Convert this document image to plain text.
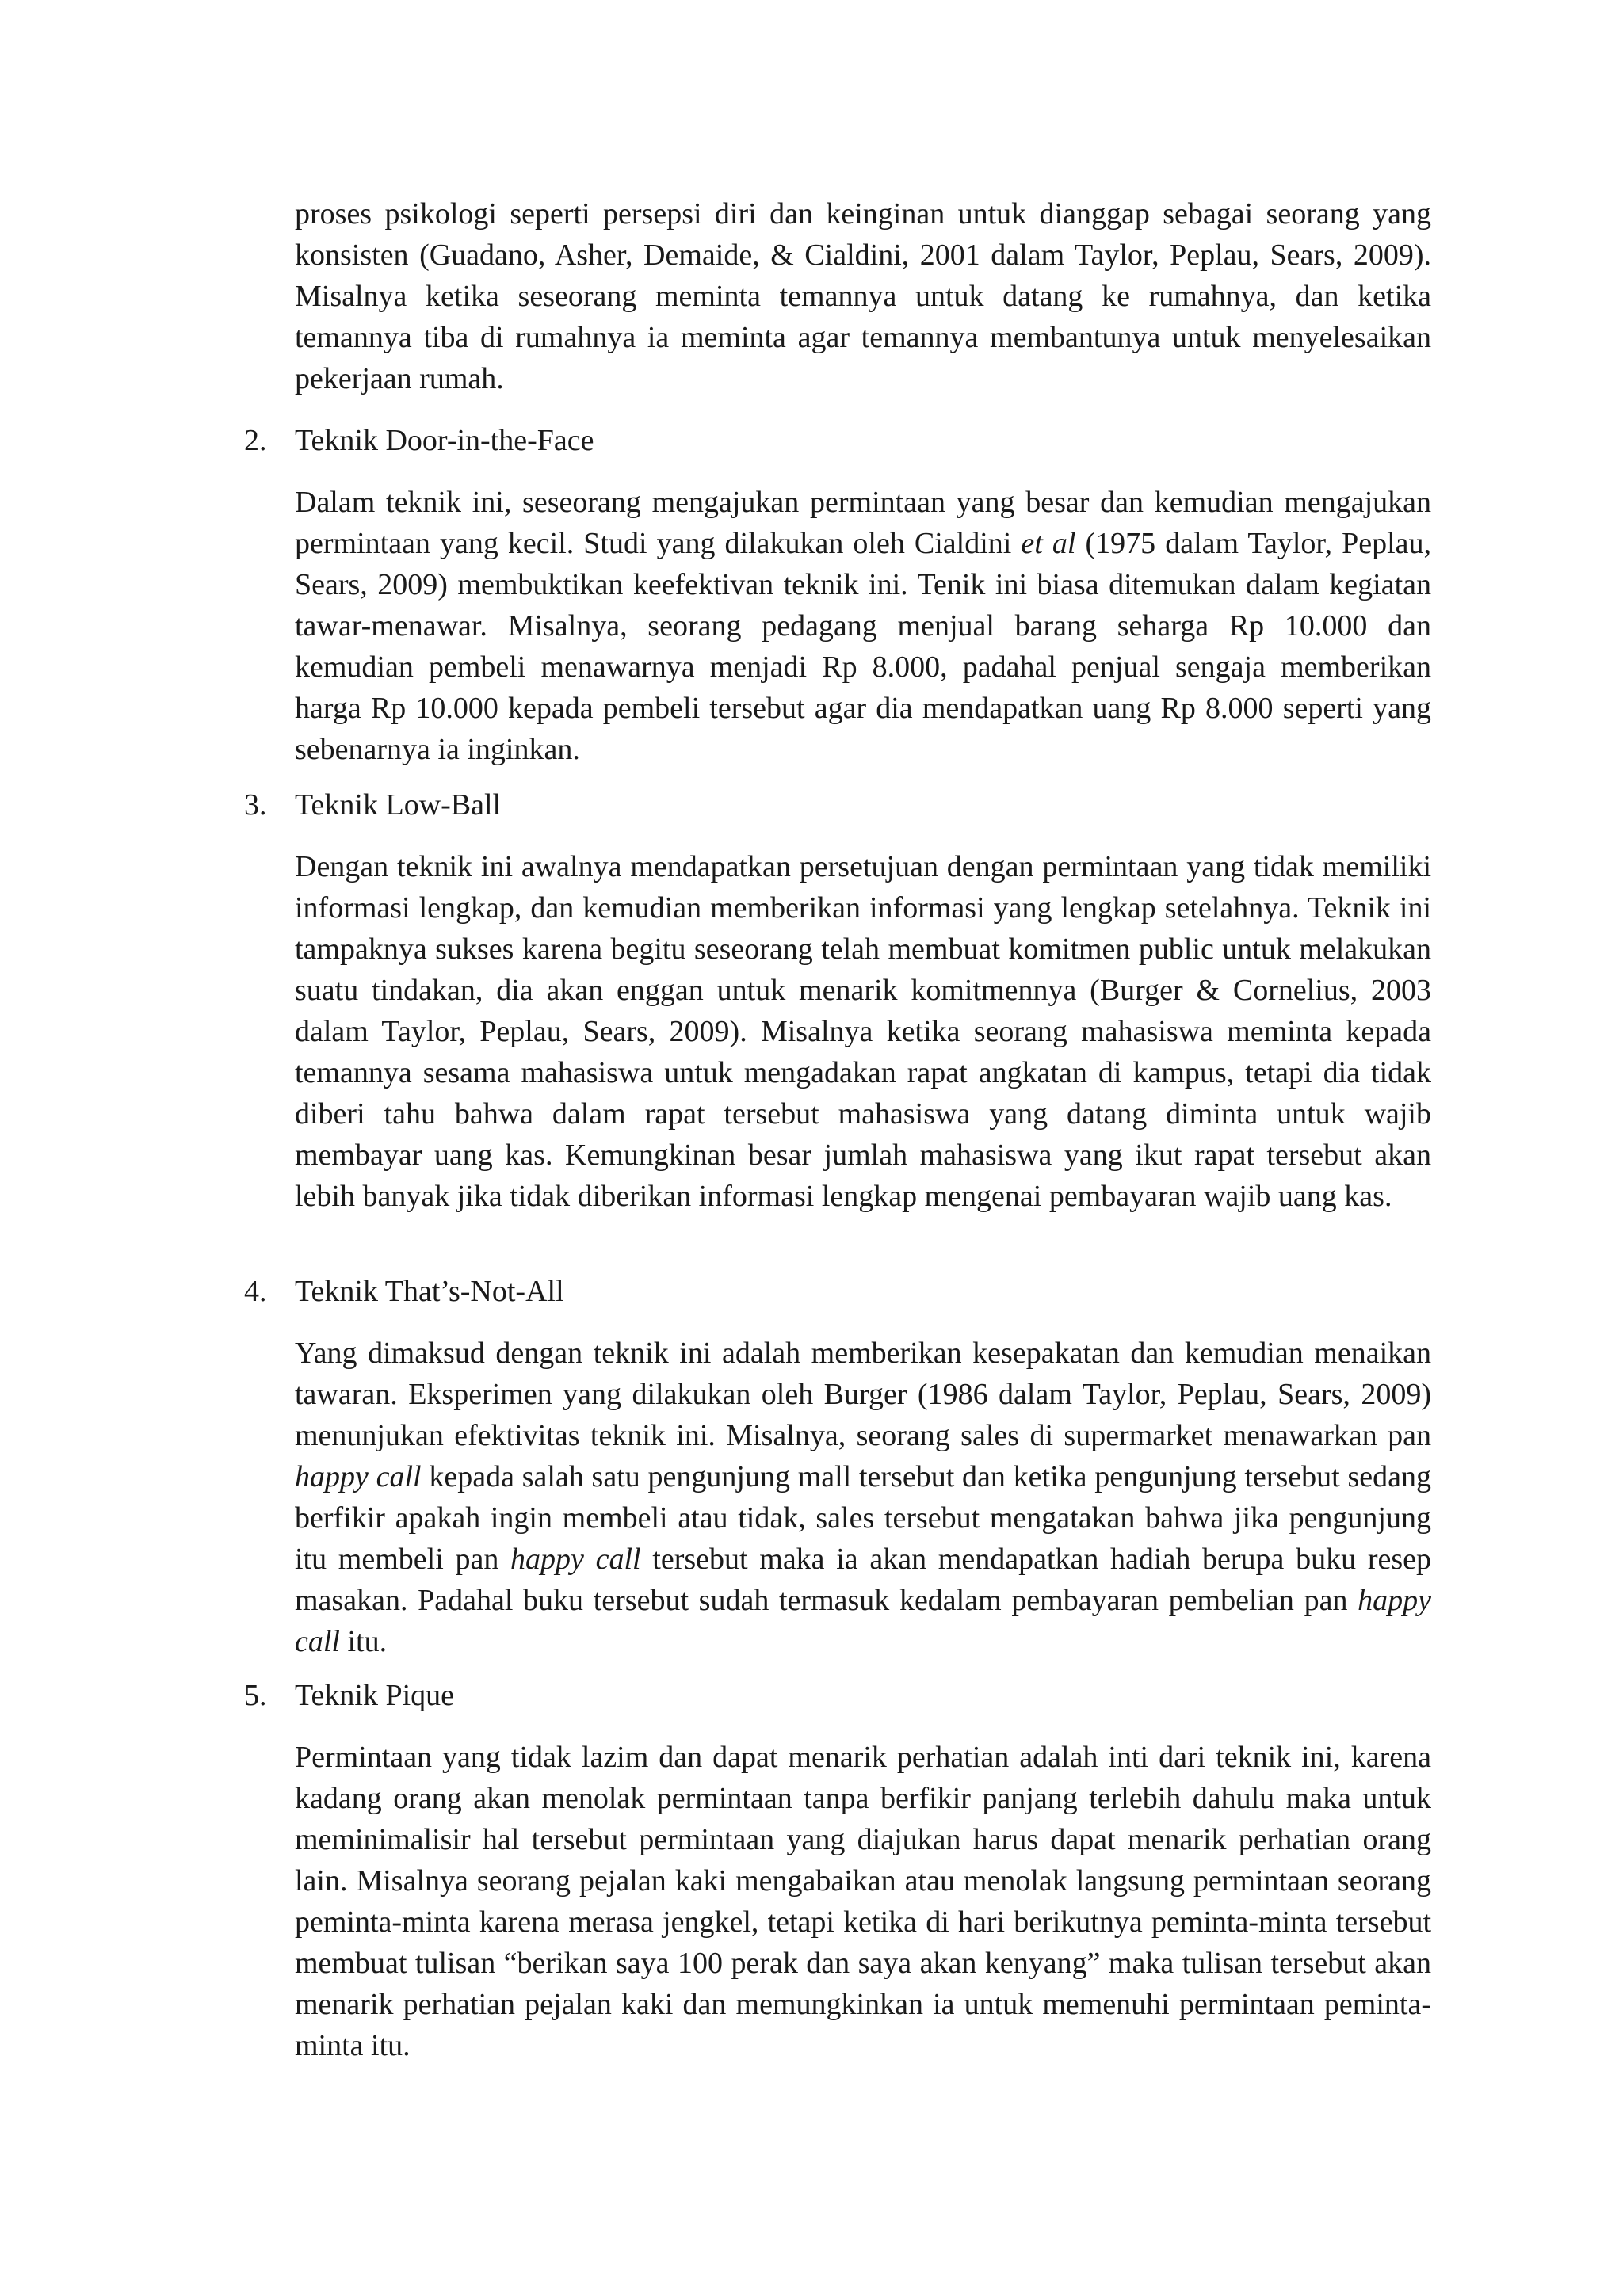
proses psikologi seperti persepsi diri dan keinginan untuk dianggap sebagai seorang yang konsisten (Guadano, Asher, Demaide, & Cialdini, 2001 dalam Taylor, Peplau, Sears, 2009). Misalnya ketika seseorang meminta temannya untuk datang ke rumahnya, dan ketika temannya tiba di rumahnya ia meminta agar temannya membantunya untuk menyelesaikan pekerjaan rumah.

2. Teknik Door-in-the-Face

Dalam teknik ini, seseorang mengajukan permintaan yang besar dan kemudian mengajukan permintaan yang kecil. Studi yang dilakukan oleh Cialdini et al (1975 dalam Taylor, Peplau, Sears, 2009) membuktikan keefektivan teknik ini. Tenik ini biasa ditemukan dalam kegiatan tawar-menawar. Misalnya, seorang pedagang menjual barang seharga Rp 10.000 dan kemudian pembeli menawarnya menjadi Rp 8.000, padahal penjual sengaja memberikan harga Rp 10.000 kepada pembeli tersebut agar dia mendapatkan uang Rp 8.000 seperti yang sebenarnya ia inginkan.

3. Teknik Low-Ball

Dengan teknik ini awalnya mendapatkan persetujuan dengan permintaan yang tidak memiliki informasi lengkap, dan kemudian memberikan informasi yang lengkap setelahnya. Teknik ini tampaknya sukses karena begitu seseorang telah membuat komitmen public untuk melakukan suatu tindakan, dia akan enggan untuk menarik komitmennya (Burger & Cornelius, 2003 dalam Taylor, Peplau, Sears, 2009). Misalnya ketika seorang mahasiswa meminta kepada temannya sesama mahasiswa untuk mengadakan rapat angkatan di kampus, tetapi dia tidak diberi tahu bahwa dalam rapat tersebut mahasiswa yang datang diminta untuk wajib membayar uang kas. Kemungkinan besar jumlah mahasiswa yang ikut rapat tersebut akan lebih banyak jika tidak diberikan informasi lengkap mengenai pembayaran wajib uang kas.

4. Teknik That’s-Not-All

Yang dimaksud dengan teknik ini adalah memberikan kesepakatan dan kemudian menaikan tawaran. Eksperimen yang dilakukan oleh Burger (1986 dalam Taylor, Peplau, Sears, 2009) menunjukan efektivitas teknik ini. Misalnya, seorang sales di supermarket menawarkan pan happy call kepada salah satu pengunjung mall tersebut dan ketika pengunjung tersebut sedang berfikir apakah ingin membeli atau tidak, sales tersebut mengatakan bahwa jika pengunjung itu membeli pan happy call tersebut maka ia akan mendapatkan hadiah berupa buku resep masakan. Padahal buku tersebut sudah termasuk kedalam pembayaran pembelian pan happy call itu.

5. Teknik Pique

Permintaan yang tidak lazim dan dapat menarik perhatian adalah inti dari teknik ini, karena kadang orang akan menolak permintaan tanpa berfikir panjang terlebih dahulu maka untuk meminimalisir hal tersebut permintaan yang diajukan harus dapat menarik perhatian orang lain. Misalnya seorang pejalan kaki mengabaikan atau menolak langsung permintaan seorang peminta-minta karena merasa jengkel, tetapi ketika di hari berikutnya peminta-minta tersebut membuat tulisan “berikan saya 100 perak dan saya akan kenyang” maka tulisan tersebut akan menarik perhatian pejalan kaki dan memungkinkan ia untuk memenuhi permintaan peminta-minta itu.
